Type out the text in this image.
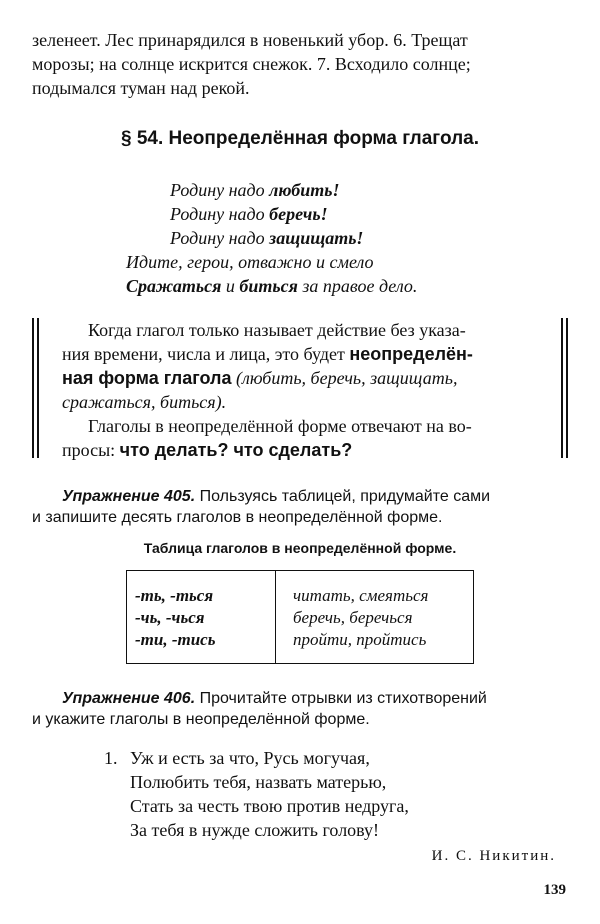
зеленеет. Лес принарядился в новенький убор. 6. Трещат
морозы; на солнце искрится снежок. 7. Всходило солнце;
подымался туман над рекой.
§ 54. Неопределённая форма глагола.
Родину надо любить!
Родину надо беречь!
Родину надо защищать!
Идите, герои, отважно и смело
Сражаться и биться за правое дело.
Когда глагол только называет действие без указа-
ния времени, числа и лица, это будет неопределён-
ная форма глагола (любить, беречь, защищать,
сражаться, биться).
Глаголы в неопределённой форме отвечают на во-
просы: что делать? что сделать?
Упражнение 405. Пользуясь таблицей, придумайте сами
и запишите десять глаголов в неопределённой форме.
Таблица глаголов в неопределённой форме.
-ть, -ться
-чь, -чься
-ти, -тись
читать, смеяться
беречь, беречься
пройти, пройтись
Упражнение 406. Прочитайте отрывки из стихотворений
и укажите глаголы в неопределённой форме.
1. Уж и есть за что, Русь могучая,
Полюбить тебя, назвать матерью,
Стать за честь твою против недруга,
За тебя в нужде сложить голову!
И. С. Никитин.
139
